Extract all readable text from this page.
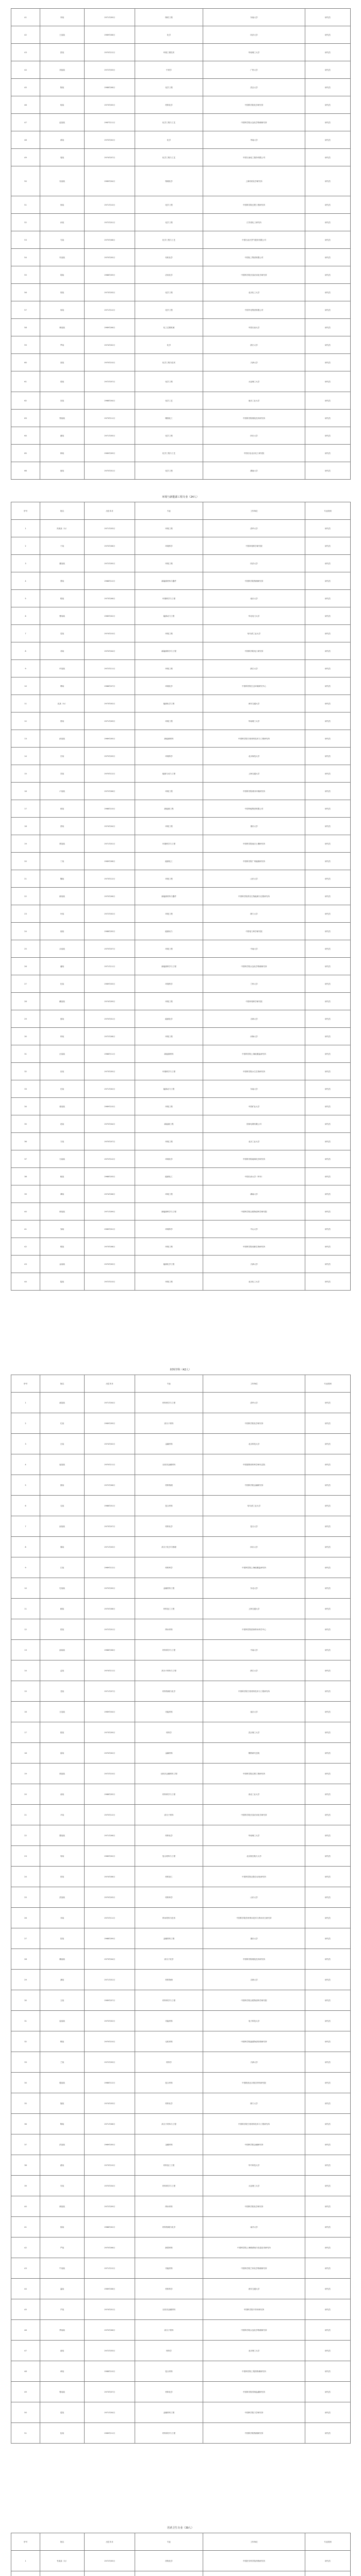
41	李某	1971年09月	制药工程	东南大学	研究员
42	王某某	1969年08月	化学	同济大学	研究员
43	张某	1970年12月	环境工程技术	华南理工大学	研究员
44	刘某某	1972年03月	中药学	广州大学	研究员
45	陈某	1968年06月	化学工程	武汉大学	研究员
46	杨某	1973年05月	材料化学	中国科学院化学研究所	研究员
47	赵某某	1967年11月	化学工程与工艺	中国科学院大连化学物理研究所	研究员
48	黄某	1970年02月	化学	华南大学	研究员
49	周某	1974年07月	化学工程与工艺	中国石油化工股份有限公司	研究员
50	吴某某	1969年04月	物理化学	上海有机化学研究所	研究员
51	徐某	1971年10月	化学工程	中国科学院过程工程研究所	研究员
52	孙某	1972年01月	化学工程	江苏省化工研究所	研究员
53	马某	1975年08月	化学工程与工艺	中国石油天然气股份有限公司	研究员
54	朱某某	1970年05月	有机化学	中国化工集团有限公司	研究员
55	胡某	1968年09月	应用化学	中国科学院长春应用化学研究所	研究员
56	郭某	1973年03月	化学工程	北京化工大学	研究员
57	何某	1971年12月	化学工程	中国中化集团有限公司	研究员
58	林某某	1969年06月	化工过程机械	中国石油大学	研究员
59	罗某	1974年02月	化学	浙江大学	研究员
60	高某	1970年10月	化学工程与技术	天津大学	研究员
61	梁某	1972年07月	化学工程	大连理工大学	研究员
62	宋某	1968年04月	化学工艺	南京工业大学	研究员
63	郑某某	1973年11月	精细化工	中国科学院理化技术研究所	研究员
64	谢某	1971年05月	化学工程	四川大学	研究员
65	韩某	1969年09月	化学工程与工艺	中国石化北京化工研究院	研究员
66	唐某	1975年01月	化学工程	湖南大学	研究员
环境与新能源工程专业（24人）
序号	姓名	出生年月	专业	工作单位	专业类别
1	冯某某（女）	1971年03月	环境工程	清华大学	研究员
2	于某	1970年08月	环境科学	中国环境科学研究院	研究员
3	董某某	1972年05月	环境工程	同济大学	研究员
4	萧某	1968年12月	新能源材料与器件	中国科学院物理研究所	研究员
5	程某	1973年06月	环境科学与工程	南京大学	研究员
6	曹某某	1969年02月	能源动力工程	华北电力大学	研究员
7	袁某	1974年10月	环境工程	哈尔滨工业大学	研究员
8	邓某	1970年04月	新能源科学与工程	中国科学院电工研究所	研究员
9	许某某	1972年11月	环境工程	浙江大学	研究员
10	傅某	1968年07月	环境化学	中国科学院生态环境研究中心	研究员
11	沈某（女）	1973年02月	能源化学工程	西安交通大学	研究员
12	曾某	1971年09月	环境工程	华南理工大学	研究员
13	彭某某	1969年05月	新能源材料	中国科学院宁波材料技术与工程研究所	研究员
14	吕某	1975年03月	环境科学	北京师范大学	研究员
15	苏某	1970年12月	能源与动力工程	上海交通大学	研究员
16	卢某某	1972年06月	环境工程	中国科学院城市环境研究所	研究员
17	蒋某	1968年10月	新能源工程	中国华能集团有限公司	研究员
18	蔡某	1974年04月	环境工程	重庆大学	研究员
19	贾某某	1971年01月	环境科学与工程	中国科学院南京土壤研究所	研究员
20	丁某	1969年08月	能源化工	中国科学院广州能源研究所	研究员
21	魏某	1973年12月	环境工程	山东大学	研究员
22	薛某某	1970年06月	新能源材料与器件	中国科学院青岛生物能源与过程研究所	研究员
23	叶某	1972年02月	环境工程	厦门大学	研究员
24	阎某	1968年05月	能源动力	中国电力科学研究院	研究员
25	余某某	1975年07月	环境工程	中南大学	研究员
26	潘某	1971年11月	新能源科学与工程	中国科学院大连化学物理研究所	研究员
27	杜某	1969年03月	环境科学	兰州大学	研究员
28	戴某某	1974年09月	环境工程	中国环境科学研究院	研究员
29	夏某	1970年01月	能源化学	吉林大学	研究员
30	钟某	1972年08月	环境工程	河海大学	研究员
31	汪某某	1968年11月	新能源材料	中国科学院上海硅酸盐研究所	研究员
32	田某	1973年05月	环境科学与工程	中国科学院水生生物研究所	研究员
33	任某	1971年02月	能源动力工程	东南大学	研究员
34	姜某某	1969年10月	环境工程	中国矿业大学	研究员
35	范某	1975年04月	新能源工程	国家电网有限公司	研究员
36	方某	1970年07月	环境工程	北京工业大学	研究员
37	石某某	1972年12月	环境化学	中国科学院地球化学研究所	研究员
38	姚某	1968年03月	能源化工	中国石油大学（华东）	研究员
39	谭某	1974年06月	环境工程	湖南大学	研究员
40	廖某某	1971年09月	新能源科学与工程	中国科学院合肥物质科学研究院	研究员
41	邹某	1969年01月	环境科学	中山大学	研究员
42	熊某	1973年08月	环境工程	中国科学院成都生物研究所	研究员
43	金某某	1970年05月	能源化学工程	天津大学	研究员
44	陆某	1972年10月	环境工程	北京化工大学	研究员
材料学科（42人）
序号	姓名	出生年月	专业	工作单位	专业类别
1	郝某某	1971年04月	材料科学与工程	清华大学	研究员
2	孔某	1969年09月	高分子材料	中国科学院化学研究所	研究员
3	白某	1974年02月	金属材料	北京科技大学	研究员
4	崔某某	1970年11月	无机非金属材料	中国建筑材料科学研究总院	研究员
5	康某	1972年06月	材料物理	中国科学院金属研究所	研究员
6	毛某	1968年01月	复合材料	哈尔滨工业大学	研究员
7	邱某某	1973年07月	材料化学	复旦大学	研究员
8	秦某	1971年03月	高分子化学与物理	四川大学	研究员
9	江某	1969年12月	材料科学	中国科学院上海硅酸盐研究所	研究员
10	史某某	1975年05月	金属材料工程	东北大学	研究员
11	顾某	1970年08月	材料加工工程	上海交通大学	研究员
12	侯某	1972年01月	纳米材料	中国科学院国家纳米科学中心	研究员
13	邵某某	1968年06月	材料科学与工程	中南大学	研究员
14	孟某	1974年11月	高分子材料与工程	浙江大学	研究员
15	龙某	1971年07月	材料物理与化学	中国科学院宁波材料技术与工程研究所	研究员
16	万某某	1969年04月	功能材料	南京大学	研究员
17	段某	1973年09月	材料学	武汉理工大学	研究员
18	雷某	1970年02月	金属材料	钢铁研究总院	研究员
19	钱某某	1972年10月	无机非金属材料工程	中国科学院过程工程研究所	研究员
20	汤某	1968年05月	材料科学与工程	西北工业大学	研究员
21	尹某	1975年12月	高分子材料	中国科学院长春应用化学研究所	研究员
22	黎某某	1971年06月	材料化学	华南理工大学	研究员
23	易某	1969年02月	复合材料与工程	北京航空航天大学	研究员
24	常某	1974年08月	材料加工	中国科学院沈阳自动化研究所	研究员
25	武某某	1970年03月	材料科学	山东大学	研究员
26	乔某	1972年11月	纳米材料与技术	中国科学院苏州纳米技术与纳米仿生研究所	研究员
27	贺某	1968年09月	金属材料工程	重庆大学	研究员
28	赖某某	1973年04月	高分子化学	中国科学院理化技术研究所	研究员
29	龚某	1971年01月	材料物理	吉林大学	研究员
30	文某	1969年07月	材料科学与工程	中国科学院合肥物质科学研究院	研究员
31	庞某某	1975年02月	功能材料	电子科技大学	研究员
32	樊某	1970年10月	无机材料	中国科学院福建物质结构研究所	研究员
33	兰某	1972年05月	材料学	天津大学	研究员
34	殷某某	1968年12月	复合材料	中国航发北京航空材料研究院	研究员
35	施某	1974年03月	材料化学	厦门大学	研究员
36	陶某	1971年08月	高分子材料与工程	中国科学院宁波材料技术与工程研究所	研究员
37	洪某某	1969年05月	金属材料	中国科学院金属研究所	研究员
38	翟某	1973年10月	材料加工工程	华中科技大学	研究员
39	安某	1970年04月	材料科学与工程	大连理工大学	研究员
40	颜某某	1972年09月	纳米材料	中国科学院化学研究所	研究员
41	倪某	1968年02月	材料物理与化学	南开大学	研究员
42	严某	1975年06月	新型材料	中国科学院上海微系统与信息技术研究所	研究员
43	牛某某	1971年12月	功能材料	中国科学院兰州化学物理研究所	研究员
44	温某	1969年08月	材料科学	西安交通大学	研究员
45	芦某	1974年01月	无机非金属材料	中国科学院半导体研究所	研究员
46	季某某	1970年06月	高分子材料	中国科学院大连化学物理研究所	研究员
47	俞某	1972年03月	材料学	北京理工大学	研究员
48	章某	1968年10月	复合材料	中国科学院工程热物理研究所	研究员
49	鲁某某	1973年07月	材料化学	中国科学院青海盐湖研究所	研究员
50	葛某	1971年04月	金属材料工程	中国科学院力学研究所	研究员
51	伍某	1969年11月	材料科学与工程	中国科学院物理研究所	研究员
医药卫生专业（39人）
序号	姓名	出生年月	专业	工作单位	专业类别
1	韦某某（女）	1972年05月	药物化学	中国医学科学院药物研究所	研究员
